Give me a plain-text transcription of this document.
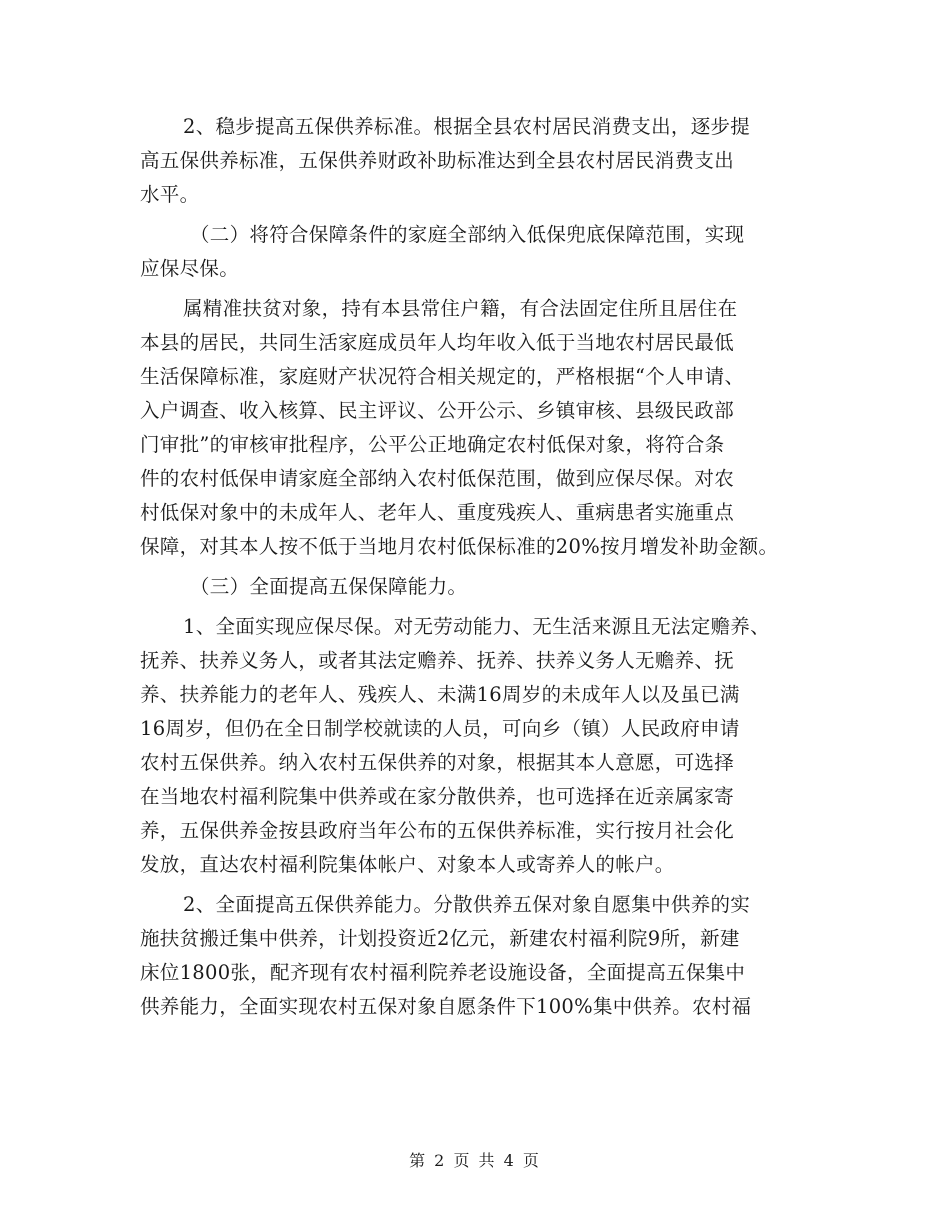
2、稳步提高五保供养标准。根据全县农村居民消费支出，逐步提
高五保供养标准，五保供养财政补助标准达到全县农村居民消费支出
水平。
（二）将符合保障条件的家庭全部纳入低保兜底保障范围，实现
应保尽保。
属精准扶贫对象，持有本县常住户籍，有合法固定住所且居住在
本县的居民，共同生活家庭成员年人均年收入低于当地农村居民最低
生活保障标准，家庭财产状况符合相关规定的，严格根据“个人申请、
入户调查、收入核算、民主评议、公开公示、乡镇审核、县级民政部
门审批”的审核审批程序，公平公正地确定农村低保对象，将符合条
件的农村低保申请家庭全部纳入农村低保范围，做到应保尽保。对农
村低保对象中的未成年人、老年人、重度残疾人、重病患者实施重点
保障，对其本人按不低于当地月农村低保标准的20%按月增发补助金额。
（三）全面提高五保保障能力。
1、全面实现应保尽保。对无劳动能力、无生活来源且无法定赡养、
抚养、扶养义务人，或者其法定赡养、抚养、扶养义务人无赡养、抚
养、扶养能力的老年人、残疾人、未满16周岁的未成年人以及虽已满
16周岁，但仍在全日制学校就读的人员，可向乡（镇）人民政府申请
农村五保供养。纳入农村五保供养的对象，根据其本人意愿，可选择
在当地农村福利院集中供养或在家分散供养，也可选择在近亲属家寄
养，五保供养金按县政府当年公布的五保供养标准，实行按月社会化
发放，直达农村福利院集体帐户、对象本人或寄养人的帐户。
2、全面提高五保供养能力。分散供养五保对象自愿集中供养的实
施扶贫搬迁集中供养，计划投资近2亿元，新建农村福利院9所，新建
床位1800张，配齐现有农村福利院养老设施设备，全面提高五保集中
供养能力，全面实现农村五保对象自愿条件下100%集中供养。农村福
第 2 页 共 4 页
